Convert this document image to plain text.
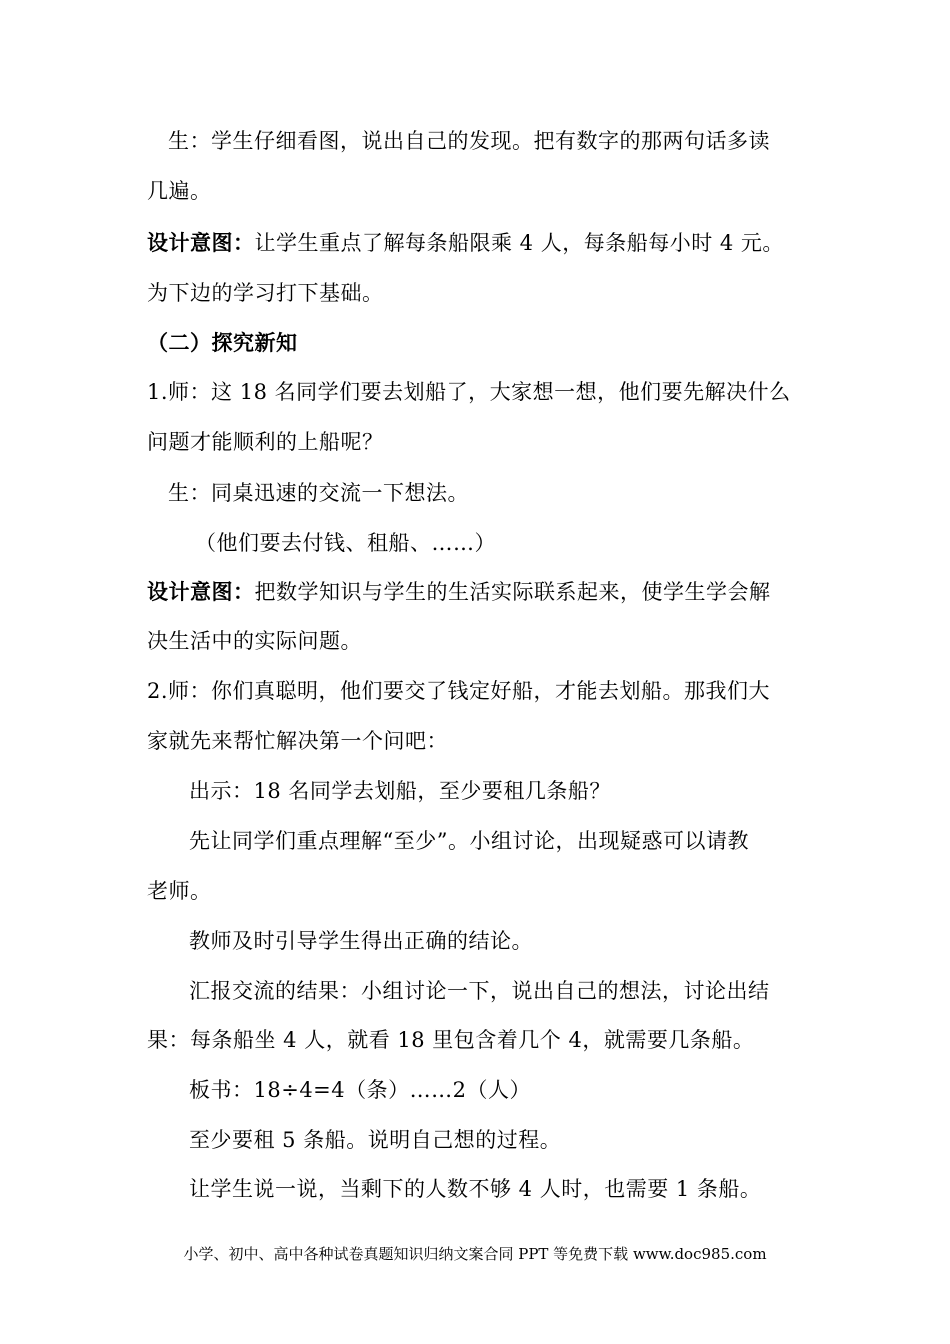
生：学生仔细看图，说出自己的发现。把有数字的那两句话多读
几遍。
设计意图：让学生重点了解每条船限乘 4 人，每条船每小时 4 元。
为下边的学习打下基础。
（二）探究新知
1.师：这 18 名同学们要去划船了，大家想一想，他们要先解决什么
问题才能顺利的上船呢？
生：同桌迅速的交流一下想法。
（他们要去付钱、租船、……）
设计意图：把数学知识与学生的生活实际联系起来，使学生学会解
决生活中的实际问题。
2.师：你们真聪明，他们要交了钱定好船，才能去划船。那我们大
家就先来帮忙解决第一个问吧：
出示：18 名同学去划船，至少要租几条船？
先让同学们重点理解“至少”。小组讨论，出现疑惑可以请教
老师。
教师及时引导学生得出正确的结论。
汇报交流的结果：小组讨论一下，说出自己的想法，讨论出结
果：每条船坐 4 人，就看 18 里包含着几个 4，就需要几条船。
板书：18÷4=4（条）……2（人）
至少要租 5 条船。说明自己想的过程。
让学生说一说，当剩下的人数不够 4 人时，也需要 1 条船。
小学、初中、高中各种试卷真题知识归纳文案合同 PPT 等免费下载 www.doc985.com
